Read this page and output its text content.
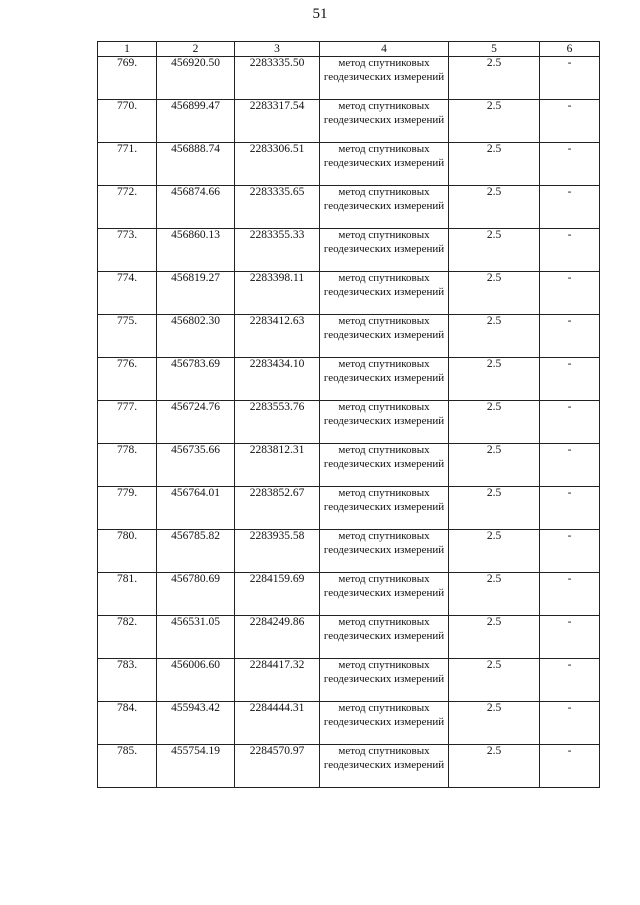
51
1	2	3	4	5	6
769.	456920.50	2283335.50	метод спутниковых геодезических измерений	2.5	-
770.	456899.47	2283317.54	метод спутниковых геодезических измерений	2.5	-
771.	456888.74	2283306.51	метод спутниковых геодезических измерений	2.5	-
772.	456874.66	2283335.65	метод спутниковых геодезических измерений	2.5	-
773.	456860.13	2283355.33	метод спутниковых геодезических измерений	2.5	-
774.	456819.27	2283398.11	метод спутниковых геодезических измерений	2.5	-
775.	456802.30	2283412.63	метод спутниковых геодезических измерений	2.5	-
776.	456783.69	2283434.10	метод спутниковых геодезических измерений	2.5	-
777.	456724.76	2283553.76	метод спутниковых геодезических измерений	2.5	-
778.	456735.66	2283812.31	метод спутниковых геодезических измерений	2.5	-
779.	456764.01	2283852.67	метод спутниковых геодезических измерений	2.5	-
780.	456785.82	2283935.58	метод спутниковых геодезических измерений	2.5	-
781.	456780.69	2284159.69	метод спутниковых геодезических измерений	2.5	-
782.	456531.05	2284249.86	метод спутниковых геодезических измерений	2.5	-
783.	456006.60	2284417.32	метод спутниковых геодезических измерений	2.5	-
784.	455943.42	2284444.31	метод спутниковых геодезических измерений	2.5	-
785.	455754.19	2284570.97	метод спутниковых геодезических измерений	2.5	-
